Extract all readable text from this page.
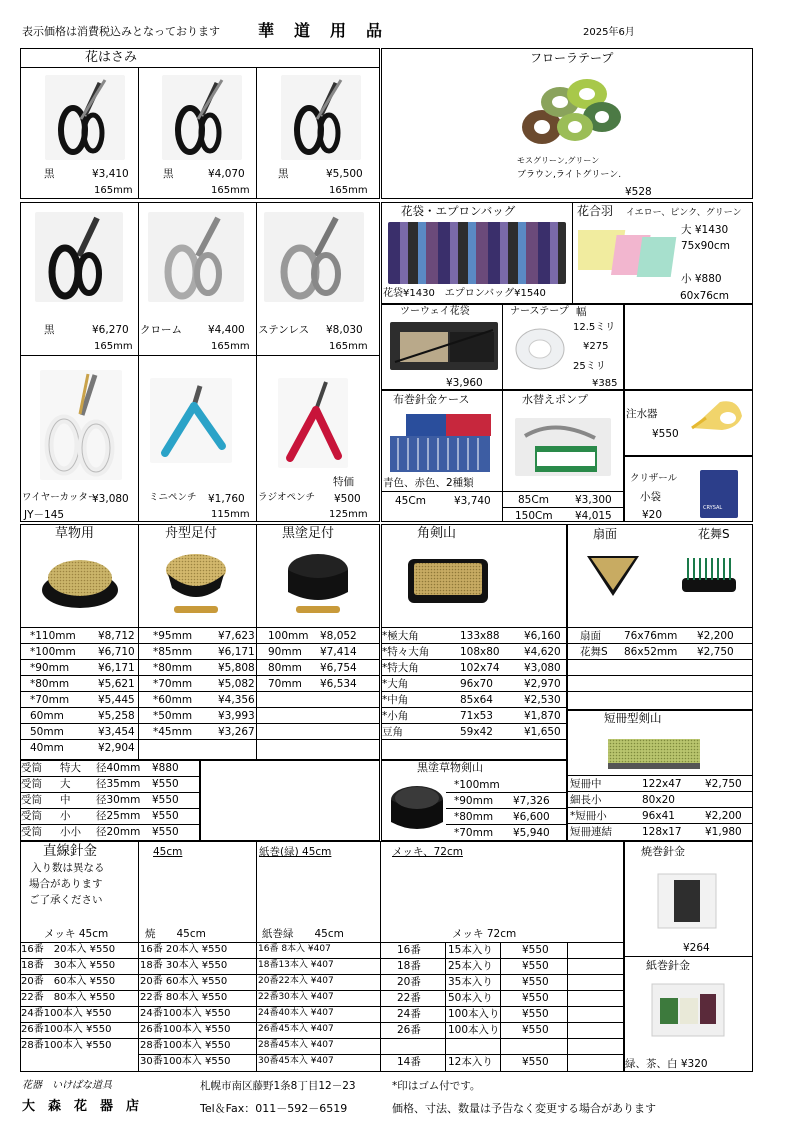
表示価格は消費税込みとなっております 華　道　用　品	2025年6月
花はさみ
黒	¥3,410
165mm
黒	¥4,070
165mm
黒	¥5,500
165mm
フローラテープ
モスグリーン,グリーン
ブラウン,ライトグリーン.
¥528
黒	¥6,270
165mm
クローム ¥4,400
165mm
ステンレス ¥8,030
165mm
ワイヤーカッター
¥3,080
JY－145
ミニペンチ ¥1,760
115mm
特価
ラジオペンチ ¥500
125mm
花袋・エプロンバッグ
花袋¥1430　エプロンバッグ¥1540
花合羽 イエロー、ピンク、グリーン
大 ¥1430
75x90cm
小 ¥880
60x76cm
ツーウェイ花袋
¥3,960
ナーステープ 幅
12.5ミリ
¥275
25ミリ
¥385
布巻針金ケース
青色、赤色、2種類
45Cm	¥3,740
水替えポンプ
85Cm ¥3,300
150Cm ¥4,015
注水器
¥550
クリザール
小袋
¥20
CRYSAL
草物用	舟型足付	黒塗足付
*110mm ¥8,712 *95mm ¥7,623 100mm ¥8,052
*100mm ¥6,710 *85mm ¥6,171 90mm ¥7,414
*90mm	¥6,171 *80mm ¥5,808 80mm ¥6,754
*80mm	¥5,621 *70mm ¥5,082 70mm ¥6,534
*70mm	¥5,445 *60mm ¥4,356
60mm	¥5,258 *50mm ¥3,993
50mm	¥3,454 *45mm ¥3,267
40mm	¥2,904
角剣山
*極大角	133x88 ¥6,160
*特々大角	108x80 ¥4,620
*特大角	102x74 ¥3,080
*大角	96x70	¥2,970
*中角	85x64	¥2,530
*小角	71x53	¥1,870
豆角	59x42	¥1,650
扇面	花舞S
扇面 76x76mm ¥2,200
花舞S 86x52mm ¥2,750
短冊型剣山
短冊中	122x47 ¥2,750
細長小	80x20
*短冊小	96x41	¥2,200
短冊連結	128x17 ¥1,980
受筒 特大 径40mm ¥880
受筒 大 径35mm ¥550
受筒 中 径30mm ¥550
受筒 小 径25mm ¥550
受筒 小小 径20mm ¥550
黒塗草物剣山
*100mm
*90mm ¥7,326
*80mm ¥6,600
*70mm ¥5,940
直線針金
入り数は異なる
場合があります
ご了承ください
45cm	紙巻(緑) 45cm	メッキ、72cm
メッキ 45cm	焼　　45cm	紙巻緑　　45cm	メッキ 72cm
16番　20本入 ¥550
18番　30本入 ¥550
20番　60本入 ¥550
22番　80本入 ¥550
24番100本入 ¥550
26番100本入 ¥550
28番100本入 ¥550
16番 20本入 ¥550
18番 30本入 ¥550
20番 60本入 ¥550
22番 80本入 ¥550
24番100本入 ¥550
26番100本入 ¥550
28番100本入 ¥550
30番100本入 ¥550
16番 8本入 ¥407
18番13本入 ¥407
20番22本入 ¥407
22番30本入 ¥407
24番40本入 ¥407
26番45本入 ¥407
28番45本入 ¥407
30番45本入 ¥407
16番	15本入り	¥550
18番	25本入り	¥550
20番	35本入り	¥550
22番	50本入り	¥550
24番	100本入り ¥550
26番	100本入り ¥550
14番	12本入り	¥550
焼巻針金
¥264
紙巻針金
緑、茶、白 ¥320
花器　いけばな道具
大　森　花　器　店
札幌市南区藤野1条8丁目12－23
Tel＆Fax：011－592－6519
*印はゴム付です。
価格、寸法、数量は予告なく変更する場合があります
